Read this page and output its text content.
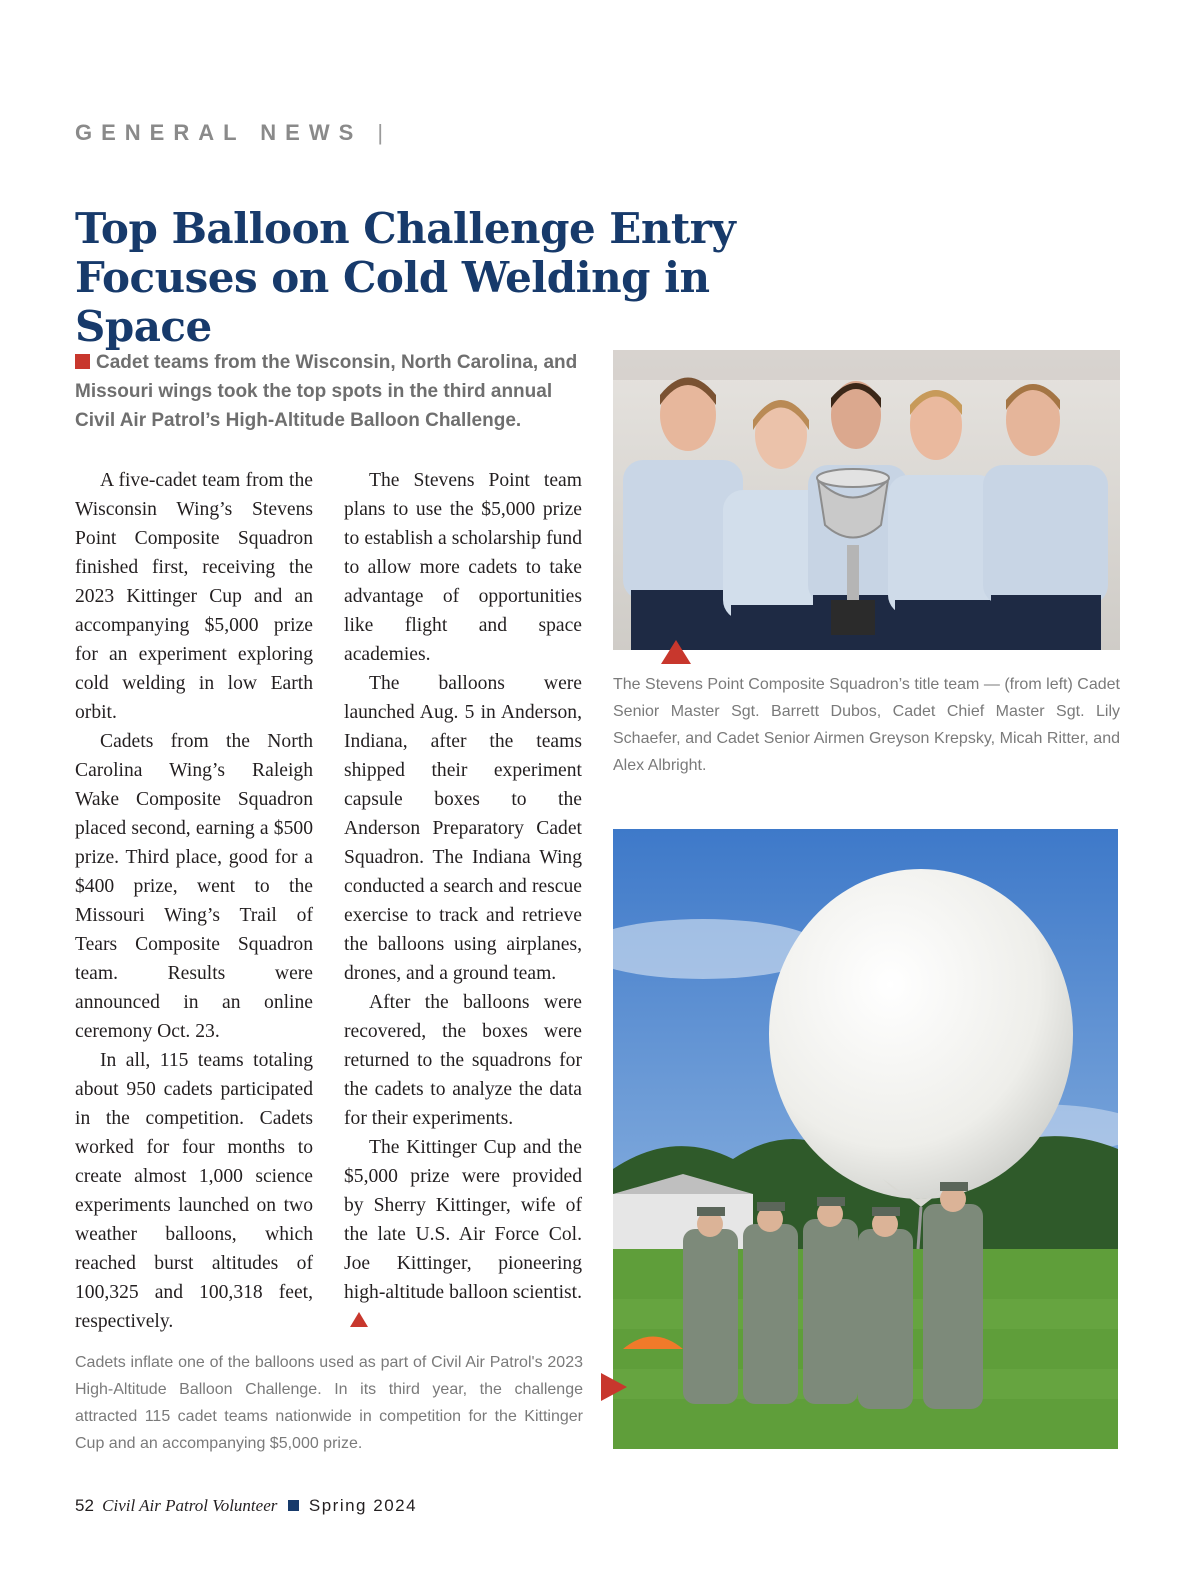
GENERAL NEWS |
Top Balloon Challenge Entry
Focuses on Cold Welding in Space
Cadet teams from the Wisconsin, North Carolina, and Missouri wings took the top spots in the third annual Civil Air Patrol’s High-Altitude Balloon Challenge.

A five-cadet team from the Wisconsin Wing’s Stevens Point Composite Squadron finished first, receiving the 2023 Kittinger Cup and an accompanying $5,000 prize for an experiment exploring cold welding in low Earth orbit.

Cadets from the North Carolina Wing’s Raleigh Wake Composite Squadron placed second, earning a $500 prize. Third place, good for a $400 prize, went to the Missouri Wing’s Trail of Tears Composite Squadron team. Results were announced in an online ceremony Oct. 23.

In all, 115 teams totaling about 950 cadets participated in the competition. Cadets worked for four months to create almost 1,000 science experiments launched on two weather balloons, which reached burst altitudes of 100,325 and 100,318 feet, respectively.

The Stevens Point team plans to use the $5,000 prize to establish a scholarship fund to allow more cadets to take advantage of opportunities like flight and space academies.

The balloons were launched Aug. 5 in Anderson, Indiana, after the teams shipped their experiment capsule boxes to the Anderson Preparatory Cadet Squadron. The Indiana Wing conducted a search and rescue exercise to track and retrieve the balloons using airplanes, drones, and a ground team.

After the balloons were recovered, the boxes were returned to the squadrons for the cadets to analyze the data for their experiments.

The Kittinger Cup and the $5,000 prize were provided by Sherry Kittinger, wife of the late U.S. Air Force Col. Joe Kittinger, pioneering high-altitude balloon scientist.

The Stevens Point Composite Squadron’s title team — (from left) Cadet Senior Master Sgt. Barrett Dubos, Cadet Chief Master Sgt. Lily Schaefer, and Cadet Senior Airmen Greyson Krepsky, Micah Ritter, and Alex Albright.
Cadets inflate one of the balloons used as part of Civil Air Patrol's 2023 High-Altitude Balloon Challenge. In its third year, the challenge attracted 115 cadet teams nationwide in competition for the Kittinger Cup and an accompanying $5,000 prize.
52 Civil Air Patrol Volunteer Spring 2024
